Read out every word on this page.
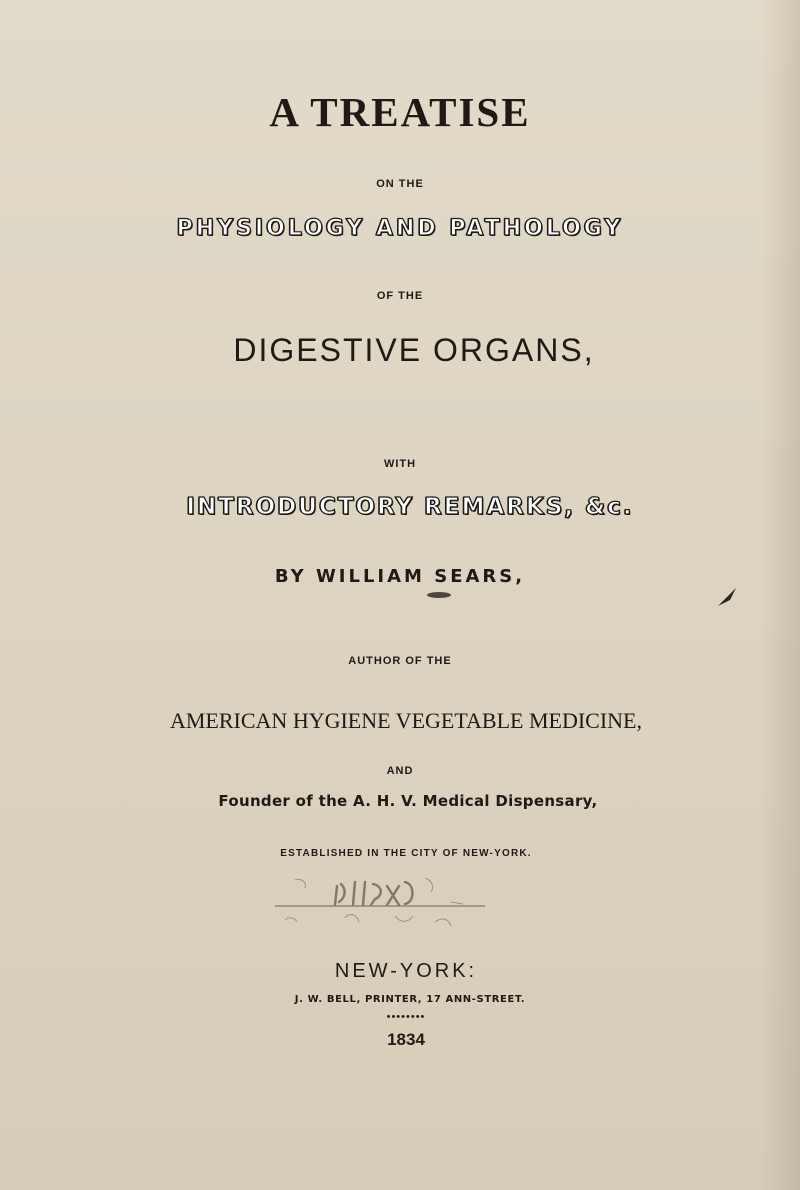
A TREATISE
ON THE
PHYSIOLOGY AND PATHOLOGY
OF THE
DIGESTIVE ORGANS,
WITH
INTRODUCTORY REMARKS, &c.
BY WILLIAM SEARS,
AUTHOR OF THE
AMERICAN HYGIENE VEGETABLE MEDICINE,
AND
Founder of the A. H. V. Medical Dispensary,
ESTABLISHED IN THE CITY OF NEW-YORK.
NEW-YORK:
J. W. BELL, PRINTER, 17 ANN-STREET.
••••••••
1834
